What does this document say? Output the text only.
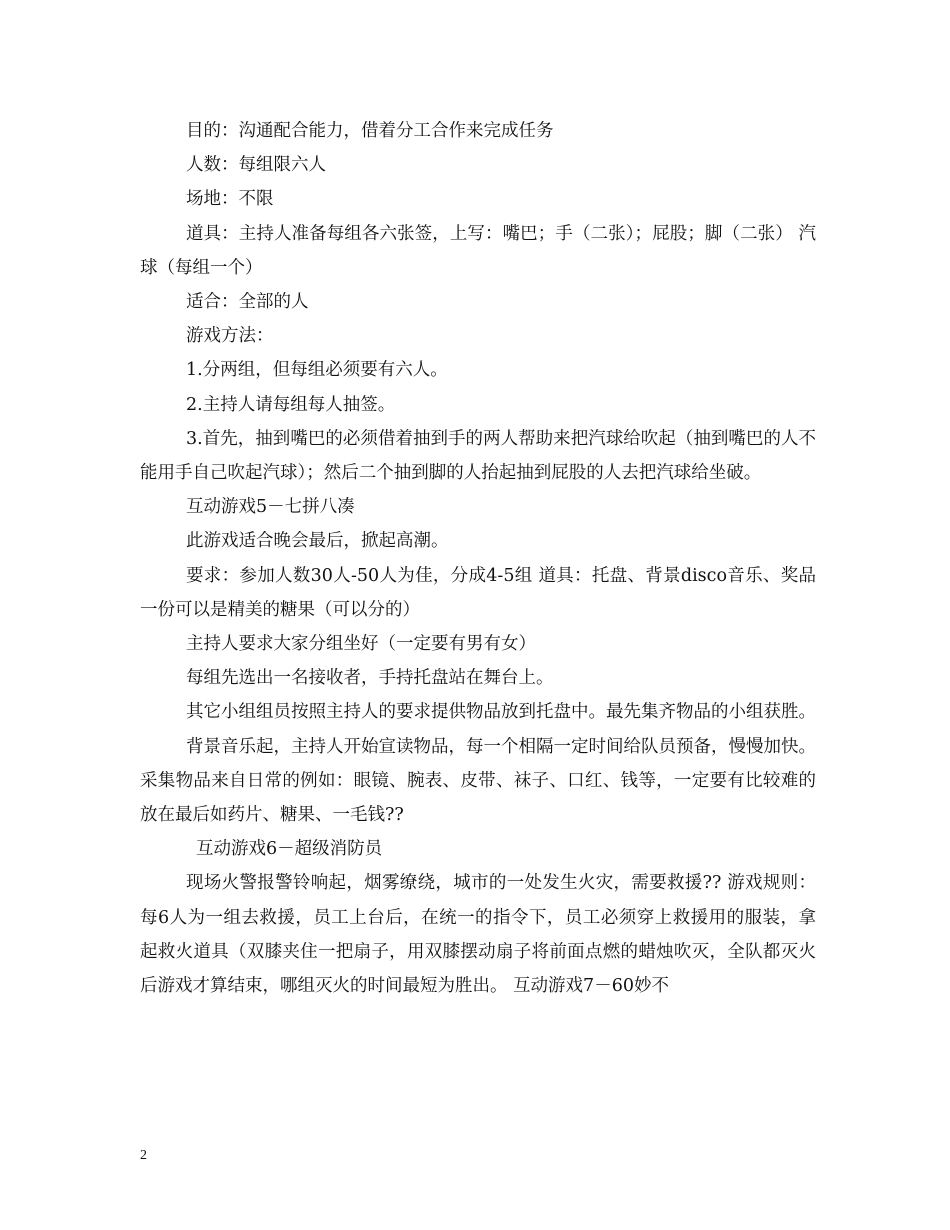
目的：沟通配合能力，借着分工合作来完成任务

人数：每组限六人

场地：不限

道具：主持人准备每组各六张签，上写：嘴巴；手（二张）；屁股；脚（二张） 汽球（每组一个）

适合：全部的人

游戏方法：

1.分两组，但每组必须要有六人。

2.主持人请每组每人抽签。

3.首先，抽到嘴巴的必须借着抽到手的两人帮助来把汽球给吹起（抽到嘴巴的人不能用手自己吹起汽球）；然后二个抽到脚的人抬起抽到屁股的人去把汽球给坐破。

互动游戏5－七拼八凑

此游戏适合晚会最后，掀起高潮。

要求：参加人数30人-50人为佳，分成4-5组 道具：托盘、背景disco音乐、奖品一份可以是精美的糖果（可以分的）

主持人要求大家分组坐好（一定要有男有女）

每组先选出一名接收者，手持托盘站在舞台上。

其它小组组员按照主持人的要求提供物品放到托盘中。最先集齐物品的小组获胜。

背景音乐起，主持人开始宣读物品，每一个相隔一定时间给队员预备，慢慢加快。采集物品来自日常的例如：眼镜、腕表、皮带、袜子、口红、钱等，一定要有比较难的放在最后如药片、糖果、一毛钱??

互动游戏6－超级消防员

现场火警报警铃响起，烟雾缭绕，城市的一处发生火灾，需要救援?? 游戏规则：每6人为一组去救援，员工上台后，在统一的指令下，员工必须穿上救援用的服装，拿起救火道具（双膝夹住一把扇子，用双膝摆动扇子将前面点燃的蜡烛吹灭，全队都灭火后游戏才算结束，哪组灭火的时间最短为胜出。 互动游戏7－60妙不

2
